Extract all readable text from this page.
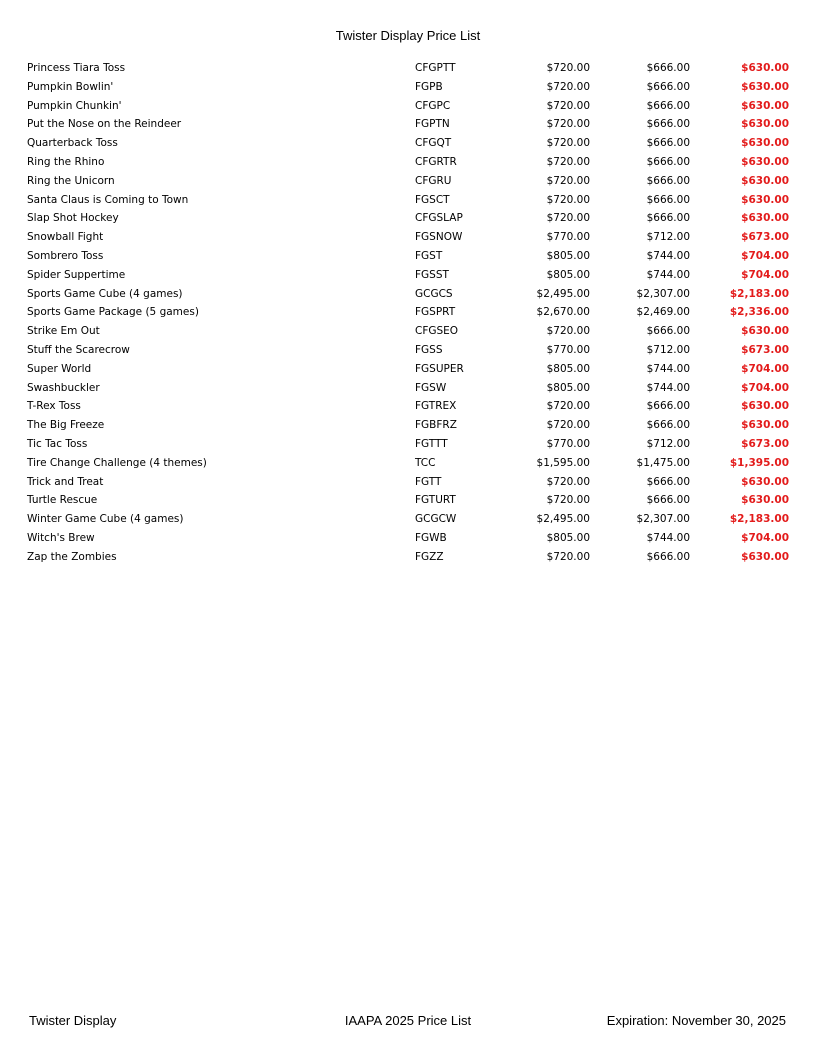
Twister Display Price List
Princess Tiara Toss	CFGPTT	$720.00	$666.00	$630.00
Pumpkin Bowlin'	FGPB	$720.00	$666.00	$630.00
Pumpkin Chunkin'	CFGPC	$720.00	$666.00	$630.00
Put the Nose on the Reindeer	FGPTN	$720.00	$666.00	$630.00
Quarterback Toss	CFGQT	$720.00	$666.00	$630.00
Ring the Rhino	CFGRTR	$720.00	$666.00	$630.00
Ring the Unicorn	CFGRU	$720.00	$666.00	$630.00
Santa Claus is Coming to Town	FGSCT	$720.00	$666.00	$630.00
Slap Shot Hockey	CFGSLAP	$720.00	$666.00	$630.00
Snowball Fight	FGSNOW	$770.00	$712.00	$673.00
Sombrero Toss	FGST	$805.00	$744.00	$704.00
Spider Suppertime	FGSST	$805.00	$744.00	$704.00
Sports Game Cube (4 games)	GCGCS	$2,495.00	$2,307.00	$2,183.00
Sports Game Package (5 games)	FGSPRT	$2,670.00	$2,469.00	$2,336.00
Strike Em Out	CFGSEO	$720.00	$666.00	$630.00
Stuff the Scarecrow	FGSS	$770.00	$712.00	$673.00
Super World	FGSUPER	$805.00	$744.00	$704.00
Swashbuckler	FGSW	$805.00	$744.00	$704.00
T-Rex Toss	FGTREX	$720.00	$666.00	$630.00
The Big Freeze	FGBFRZ	$720.00	$666.00	$630.00
Tic Tac Toss	FGTTT	$770.00	$712.00	$673.00
Tire Change Challenge (4 themes)	TCC	$1,595.00	$1,475.00	$1,395.00
Trick and Treat	FGTT	$720.00	$666.00	$630.00
Turtle Rescue	FGTURT	$720.00	$666.00	$630.00
Winter Game Cube (4 games)	GCGCW	$2,495.00	$2,307.00	$2,183.00
Witch's Brew	FGWB	$805.00	$744.00	$704.00
Zap the Zombies	FGZZ	$720.00	$666.00	$630.00
Twister Display	IAAPA 2025 Price List	Expiration: November 30, 2025
